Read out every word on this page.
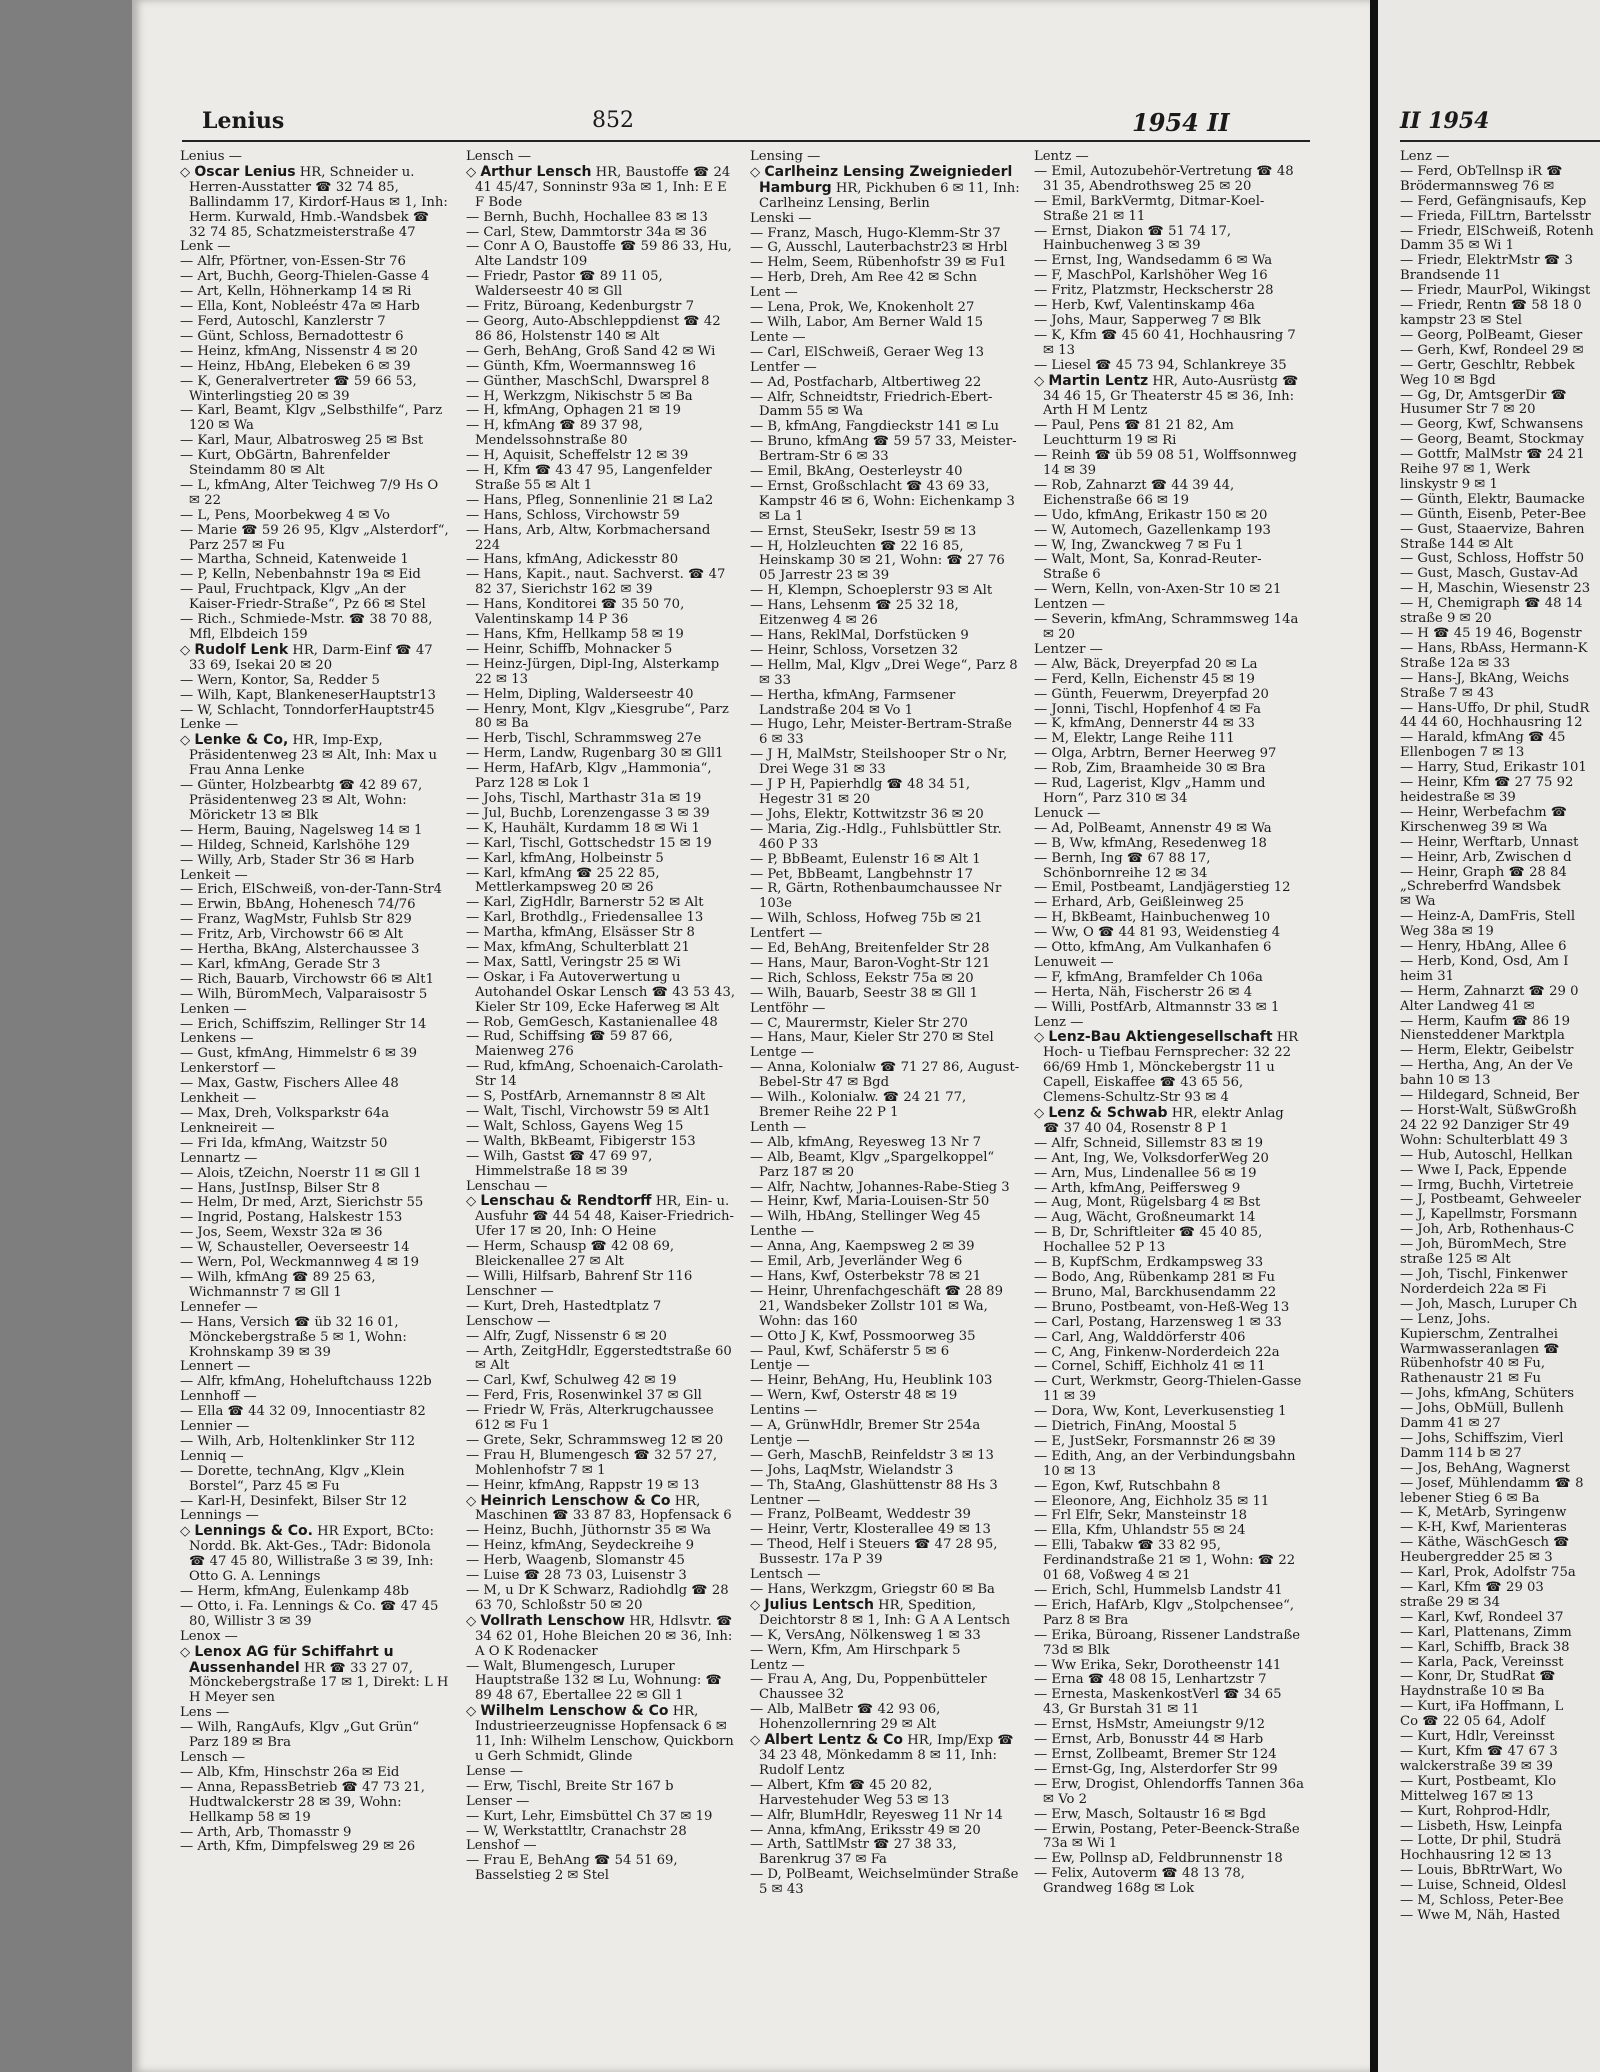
Lenius	852	1954 II	II 1954
Lenz —
— Ferd, ObTellnsp iR ☎
Brödermannsweg 76 ✉
— Ferd, Gefängnisaufs, Kep
— Frieda, FilLtrn, Bartelsstr
— Friedr, ElSchweiß, Rotenh
Damm 35 ✉ Wi 1
— Friedr, ElektrMstr ☎ 3
Brandsende 11
— Friedr, MaurPol, Wikingst
— Friedr, Rentn ☎ 58 18 0
kampstr 23 ✉ Stel
— Georg, PolBeamt, Gieser
— Gerh, Kwf, Rondeel 29 ✉
— Gertr, Geschltr, Rebbek
Weg 10 ✉ Bgd
— Gg, Dr, AmtsgerDir ☎
Husumer Str 7 ✉ 20
— Georg, Kwf, Schwansens
— Georg, Beamt, Stockmay
— Gottfr, MalMstr ☎ 24 21
Reihe 97 ✉ 1, Werk
linskystr 9 ✉ 1
— Günth, Elektr, Baumacke
— Günth, Eisenb, Peter-Bee
— Gust, Staaervize, Bahren
Straße 144 ✉ Alt
— Gust, Schloss, Hoffstr 50
— Gust, Masch, Gustav-Ad
— H, Maschin, Wiesenstr 23
— H, Chemigraph ☎ 48 14
straße 9 ✉ 20
— H ☎ 45 19 46, Bogenstr
— Hans, RbAss, Hermann-K
Straße 12a ✉ 33
— Hans-J, BkAng, Weichs
Straße 7 ✉ 43
— Hans-Uffo, Dr phil, StudR
44 44 60, Hochhausring 12
— Harald, kfmAng ☎ 45
Ellenbogen 7 ✉ 13
— Harry, Stud, Erikastr 101
— Heinr, Kfm ☎ 27 75 92
heidestraße ✉ 39
— Heinr, Werbefachm ☎
Kirschenweg 39 ✉ Wa
— Heinr, Werftarb, Unnast
— Heinr, Arb, Zwischen d
— Heinr, Graph ☎ 28 84
„Schreberfrd Wandsbek
✉ Wa
— Heinz-A, DamFris, Stell
Weg 38a ✉ 19
— Henry, HbAng, Allee 6
— Herb, Kond, Osd, Am I
heim 31
— Herm, Zahnarzt ☎ 29 0
Alter Landweg 41 ✉
— Herm, Kaufm ☎ 86 19
Niensteddener Marktpla
— Herm, Elektr, Geibelstr
— Hertha, Ang, An der Ve
bahn 10 ✉ 13
— Hildegard, Schneid, Ber
— Horst-Walt, SüßwGroßh
24 22 92 Danziger Str 49
Wohn: Schulterblatt 49 3
— Hub, Autoschl, Hellkan
— Wwe I, Pack, Eppende
— Irmg, Buchh, Virtetreie
— J, Postbeamt, Gehweeler
— J, Kapellmstr, Forsmann
— Joh, Arb, Rothenhaus-C
— Joh, BüromMech, Stre
straße 125 ✉ Alt
— Joh, Tischl, Finkenwer
Norderdeich 22a ✉ Fi
— Joh, Masch, Luruper Ch
— Lenz, Johs.
Kupierschm, Zentralhei
Warmwasseranlagen ☎
Rübenhofstr 40 ✉ Fu,
Rathenaustr 21 ✉ Fu
— Johs, kfmAng, Schüters
— Johs, ObMüll, Bullenh
Damm 41 ✉ 27
— Johs, Schiffszim, Vierl
Damm 114 b ✉ 27
— Jos, BehAng, Wagnerst
— Josef, Mühlendamm ☎ 8
lebener Stieg 6 ✉ Ba
— K, MetArb, Syringenw
— K-H, Kwf, Marienteras
— Käthe, WäschGesch ☎
Heubergredder 25 ✉ 3
— Karl, Prok, Adolfstr 75a
— Karl, Kfm ☎ 29 03
straße 29 ✉ 34
— Karl, Kwf, Rondeel 37
— Karl, Plattenans, Zimm
— Karl, Schiffb, Brack 38
— Karla, Pack, Vereinsst
— Konr, Dr, StudRat ☎
Haydnstraße 10 ✉ Ba
— Kurt, iFa Hoffmann, L
Co ☎ 22 05 64, Adolf
— Kurt, Hdlr, Vereinsst
— Kurt, Kfm ☎ 47 67 3
walckerstraße 39 ✉ 39
— Kurt, Postbeamt, Klo
Mittelweg 167 ✉ 13
— Kurt, Rohprod-Hdlr,
— Lisbeth, Hsw, Leinpfa
— Lotte, Dr phil, Studrä
Hochhausring 12 ✉ 13
— Louis, BbRtrWart, Wo
— Luise, Schneid, Oldesl
— M, Schloss, Peter-Bee
— Wwe M, Näh, Hasted

Lenius —

◇ Oscar Lenius HR, Schneider u. Herren-Ausstatter ☎ 32 74 85, Ballindamm 17, Kirdorf-Haus ✉ 1, Inh: Herm. Kurwald, Hmb.-Wandsbek ☎ 32 74 85, Schatzmeisterstraße 47

Lenk —

— Alfr, Pförtner, von-Essen-Str 76

— Art, Buchh, Georg-Thielen-Gasse 4

— Art, Kelln, Höhnerkamp 14 ✉ Ri

— Ella, Kont, Nobleéstr 47a ✉ Harb

— Ferd, Autoschl, Kanzlerstr 7

— Günt, Schloss, Bernadottestr 6

— Heinz, kfmAng, Nissenstr 4 ✉ 20

— Heinz, HbAng, Elebeken 6 ✉ 39

— K, Generalvertreter ☎ 59 66 53, Winterlingstieg 20 ✉ 39

— Karl, Beamt, Klgv „Selbsthilfe“, Parz 120 ✉ Wa

— Karl, Maur, Albatrosweg 25 ✉ Bst

— Kurt, ObGärtn, Bahrenfelder Steindamm 80 ✉ Alt

— L, kfmAng, Alter Teichweg 7/9 Hs O ✉ 22

— L, Pens, Moorbekweg 4 ✉ Vo

— Marie ☎ 59 26 95, Klgv „Alsterdorf“, Parz 257 ✉ Fu

— Martha, Schneid, Katenweide 1

— P, Kelln, Nebenbahnstr 19a ✉ Eid

— Paul, Fruchtpack, Klgv „An der Kaiser-Friedr-Straße“, Pz 66 ✉ Stel

— Rich., Schmiede-Mstr. ☎ 38 70 88, Mfl, Elbdeich 159

◇ Rudolf Lenk HR, Darm-Einf ☎ 47 33 69, Isekai 20 ✉ 20

— Wern, Kontor, Sa, Redder 5

— Wilh, Kapt, BlankeneserHauptstr13

— W, Schlacht, TonndorferHauptstr45

Lenke —

◇ Lenke & Co, HR, Imp-Exp, Präsidentenweg 23 ✉ Alt, Inh: Max u Frau Anna Lenke

— Günter, Holzbearbtg ☎ 42 89 67, Präsidentenweg 23 ✉ Alt, Wohn: Möricketr 13 ✉ Blk

— Herm, Bauing, Nagelsweg 14 ✉ 1

— Hildeg, Schneid, Karlshöhe 129

— Willy, Arb, Stader Str 36 ✉ Harb

Lenkeit —

— Erich, ElSchweiß, von-der-Tann-Str4

— Erwin, BbAng, Hohenesch 74/76

— Franz, WagMstr, Fuhlsb Str 829

— Fritz, Arb, Virchowstr 66 ✉ Alt

— Hertha, BkAng, Alsterchaussee 3

— Karl, kfmAng, Gerade Str 3

— Rich, Bauarb, Virchowstr 66 ✉ Alt1

— Wilh, BüromMech, Valparaisostr 5

Lenken —

— Erich, Schiffszim, Rellinger Str 14

Lenkens —

— Gust, kfmAng, Himmelstr 6 ✉ 39

Lenkerstorf —

— Max, Gastw, Fischers Allee 48

Lenkheit —

— Max, Dreh, Volksparkstr 64a

Lenkneireit —

— Fri Ida, kfmAng, Waitzstr 50

Lennartz —

— Alois, tZeichn, Noerstr 11 ✉ Gll 1

— Hans, JustInsp, Bilser Str 8

— Helm, Dr med, Arzt, Sierichstr 55

— Ingrid, Postang, Halskestr 153

— Jos, Seem, Wexstr 32a ✉ 36

— W, Schausteller, Oeverseestr 14

— Wern, Pol, Weckmannweg 4 ✉ 19

— Wilh, kfmAng ☎ 89 25 63, Wichmannstr 7 ✉ Gll 1

Lennefer —

— Hans, Versich ☎ üb 32 16 01, Mönckebergstraße 5 ✉ 1, Wohn: Krohnskamp 39 ✉ 39

Lennert —

— Alfr, kfmAng, Hoheluftchauss 122b

Lennhoff —

— Ella ☎ 44 32 09, Innocentiastr 82

Lennier —

— Wilh, Arb, Holtenklinker Str 112

Lenniq —

— Dorette, technAng, Klgv „Klein Borstel“, Parz 45 ✉ Fu

— Karl-H, Desinfekt, Bilser Str 12

Lennings —

◇ Lennings & Co. HR Export, BCto: Nordd. Bk. Akt-Ges., TAdr: Bidonola ☎ 47 45 80, Willistraße 3 ✉ 39, Inh: Otto G. A. Lennings

— Herm, kfmAng, Eulenkamp 48b

— Otto, i. Fa. Lennings & Co. ☎ 47 45 80, Willistr 3 ✉ 39

Lenox —

◇ Lenox AG für Schiffahrt u Aussenhandel HR ☎ 33 27 07, Mönckebergstraße 17 ✉ 1, Direkt: L H H Meyer sen

Lens —

— Wilh, RangAufs, Klgv „Gut Grün“ Parz 189 ✉ Bra

Lensch —

— Alb, Kfm, Hinschstr 26a ✉ Eid

— Anna, RepassBetrieb ☎ 47 73 21, Hudtwalckerstr 28 ✉ 39, Wohn: Hellkamp 58 ✉ 19

— Arth, Arb, Thomasstr 9

— Arth, Kfm, Dimpfelsweg 29 ✉ 26

Lensch —

◇ Arthur Lensch HR, Baustoffe ☎ 24 41 45/47, Sonninstr 93a ✉ 1, Inh: E E F Bode

— Bernh, Buchh, Hochallee 83 ✉ 13

— Carl, Stew, Dammtorstr 34a ✉ 36

— Conr A O, Baustoffe ☎ 59 86 33, Hu, Alte Landstr 109

— Friedr, Pastor ☎ 89 11 05, Walderseestr 40 ✉ Gll

— Fritz, Büroang, Kedenburgstr 7

— Georg, Auto-Abschleppdienst ☎ 42 86 86, Holstenstr 140 ✉ Alt

— Gerh, BehAng, Groß Sand 42 ✉ Wi

— Günth, Kfm, Woermannsweg 16

— Günther, MaschSchl, Dwarsprel 8

— H, Werkzgm, Nikischstr 5 ✉ Ba

— H, kfmAng, Ophagen 21 ✉ 19

— H, kfmAng ☎ 89 37 98, Mendelssohnstraße 80

— H, Aquisit, Scheffelstr 12 ✉ 39

— H, Kfm ☎ 43 47 95, Langenfelder Straße 55 ✉ Alt 1

— Hans, Pfleg, Sonnenlinie 21 ✉ La2

— Hans, Schloss, Virchowstr 59

— Hans, Arb, Altw, Korbmachersand 224

— Hans, kfmAng, Adickesstr 80

— Hans, Kapit., naut. Sachverst. ☎ 47 82 37, Sierichstr 162 ✉ 39

— Hans, Konditorei ☎ 35 50 70, Valentinskamp 14 P 36

— Hans, Kfm, Hellkamp 58 ✉ 19

— Heinr, Schiffb, Mohnacker 5

— Heinz-Jürgen, Dipl-Ing, Alsterkamp 22 ✉ 13

— Helm, Dipling, Walderseestr 40

— Henry, Mont, Klgv „Kiesgrube“, Parz 80 ✉ Ba

— Herb, Tischl, Schrammsweg 27e

— Herm, Landw, Rugenbarg 30 ✉ Gll1

— Herm, HafArb, Klgv „Hammonia“, Parz 128 ✉ Lok 1

— Johs, Tischl, Marthastr 31a ✉ 19

— Jul, Buchb, Lorenzengasse 3 ✉ 39

— K, Hauhält, Kurdamm 18 ✉ Wi 1

— Karl, Tischl, Gottschedstr 15 ✉ 19

— Karl, kfmAng, Holbeinstr 5

— Karl, kfmAng ☎ 25 22 85, Mettlerkampsweg 20 ✉ 26

— Karl, ZigHdlr, Barnerstr 52 ✉ Alt

— Karl, Brothdlg., Friedensallee 13

— Martha, kfmAng, Elsässer Str 8

— Max, kfmAng, Schulterblatt 21

— Max, Sattl, Veringstr 25 ✉ Wi

— Oskar, i Fa Autoverwertung u Autohandel Oskar Lensch ☎ 43 53 43, Kieler Str 109, Ecke Haferweg ✉ Alt

— Rob, GemGesch, Kastanienallee 48

— Rud, Schiffsing ☎ 59 87 66, Maienweg 276

— Rud, kfmAng, Schoenaich-Carolath-Str 14

— S, PostfArb, Arnemannstr 8 ✉ Alt

— Walt, Tischl, Virchowstr 59 ✉ Alt1

— Walt, Schloss, Gayens Weg 15

— Walth, BkBeamt, Fibigerstr 153

— Wilh, Gastst ☎ 47 69 97, Himmelstraße 18 ✉ 39

Lenschau —

◇ Lenschau & Rendtorff HR, Ein- u. Ausfuhr ☎ 44 54 48, Kaiser-Friedrich-Ufer 17 ✉ 20, Inh: O Heine

— Herm, Schausp ☎ 42 08 69, Bleickenallee 27 ✉ Alt

— Willi, Hilfsarb, Bahrenf Str 116

Lenschner —

— Kurt, Dreh, Hastedtplatz 7

Lenschow —

— Alfr, Zugf, Nissenstr 6 ✉ 20

— Arth, ZeitgHdlr, Eggerstedtstraße 60 ✉ Alt

— Carl, Kwf, Schulweg 42 ✉ 19

— Ferd, Fris, Rosenwinkel 37 ✉ Gll

— Friedr W, Fräs, Alterkrugchaussee 612 ✉ Fu 1

— Grete, Sekr, Schrammsweg 12 ✉ 20

— Frau H, Blumengesch ☎ 32 57 27, Mohlenhofstr 7 ✉ 1

— Heinr, kfmAng, Rappstr 19 ✉ 13

◇ Heinrich Lenschow & Co HR, Maschinen ☎ 33 87 83, Hopfensack 6

— Heinz, Buchh, Jüthornstr 35 ✉ Wa

— Heinz, kfmAng, Seydeckreihe 9

— Herb, Waagenb, Slomanstr 45

— Luise ☎ 28 73 03, Luisenstr 3

— M, u Dr K Schwarz, Radiohdlg ☎ 28 63 70, Schloßstr 50 ✉ 20

◇ Vollrath Lenschow HR, Hdlsvtr. ☎ 34 62 01, Hohe Bleichen 20 ✉ 36, Inh: A O K Rodenacker

— Walt, Blumengesch, Luruper Hauptstraße 132 ✉ Lu, Wohnung: ☎ 89 48 67, Ebertallee 22 ✉ Gll 1

◇ Wilhelm Lenschow & Co HR, Industrieerzeugnisse Hopfensack 6 ✉ 11, Inh: Wilhelm Lenschow, Quickborn u Gerh Schmidt, Glinde

Lense —

— Erw, Tischl, Breite Str 167 b

Lenser —

— Kurt, Lehr, Eimsbüttel Ch 37 ✉ 19

— W, Werkstattltr, Cranachstr 28

Lenshof —

— Frau E, BehAng ☎ 54 51 69, Basselstieg 2 ✉ Stel

Lensing —

◇ Carlheinz Lensing Zweigniederl Hamburg HR, Pickhuben 6 ✉ 11, Inh: Carlheinz Lensing, Berlin

Lenski —

— Franz, Masch, Hugo-Klemm-Str 37

— G, Ausschl, Lauterbachstr23 ✉ Hrbl

— Helm, Seem, Rübenhofstr 39 ✉ Fu1

— Herb, Dreh, Am Ree 42 ✉ Schn

Lent —

— Lena, Prok, We, Knokenholt 27

— Wilh, Labor, Am Berner Wald 15

Lente —

— Carl, ElSchweiß, Geraer Weg 13

Lentfer —

— Ad, Postfacharb, Altbertiweg 22

— Alfr, Schneidtstr, Friedrich-Ebert-Damm 55 ✉ Wa

— B, kfmAng, Fangdieckstr 141 ✉ Lu

— Bruno, kfmAng ☎ 59 57 33, Meister-Bertram-Str 6 ✉ 33

— Emil, BkAng, Oesterleystr 40

— Ernst, Großschlacht ☎ 43 69 33, Kampstr 46 ✉ 6, Wohn: Eichenkamp 3 ✉ La 1

— Ernst, SteuSekr, Isestr 59 ✉ 13

— H, Holzleuchten ☎ 22 16 85, Heinskamp 30 ✉ 21, Wohn: ☎ 27 76 05 Jarrestr 23 ✉ 39

— H, Klempn, Schoeplerstr 93 ✉ Alt

— Hans, Lehsenm ☎ 25 32 18, Eitzenweg 4 ✉ 26

— Hans, ReklMal, Dorfstücken 9

— Heinr, Schloss, Vorsetzen 32

— Hellm, Mal, Klgv „Drei Wege“, Parz 8 ✉ 33

— Hertha, kfmAng, Farmsener Landstraße 204 ✉ Vo 1

— Hugo, Lehr, Meister-Bertram-Straße 6 ✉ 33

— J H, MalMstr, Steilshooper Str o Nr, Drei Wege 31 ✉ 33

— J P H, Papierhdlg ☎ 48 34 51, Hegestr 31 ✉ 20

— Johs, Elektr, Kottwitzstr 36 ✉ 20

— Maria, Zig.-Hdlg., Fuhlsbüttler Str. 460 P 33

— P, BbBeamt, Eulenstr 16 ✉ Alt 1

— Pet, BbBeamt, Langbehnstr 17

— R, Gärtn, Rothenbaumchaussee Nr 103e

— Wilh, Schloss, Hofweg 75b ✉ 21

Lentfert —

— Ed, BehAng, Breitenfelder Str 28

— Hans, Maur, Baron-Voght-Str 121

— Rich, Schloss, Eekstr 75a ✉ 20

— Wilh, Bauarb, Seestr 38 ✉ Gll 1

Lentföhr —

— C, Maurermstr, Kieler Str 270

— Hans, Maur, Kieler Str 270 ✉ Stel

Lentge —

— Anna, Kolonialw ☎ 71 27 86, August-Bebel-Str 47 ✉ Bgd

— Wilh., Kolonialw. ☎ 24 21 77, Bremer Reihe 22 P 1

Lenth —

— Alb, kfmAng, Reyesweg 13 Nr 7

— Alb, Beamt, Klgv „Spargelkoppel“ Parz 187 ✉ 20

— Alfr, Nachtw, Johannes-Rabe-Stieg 3

— Heinr, Kwf, Maria-Louisen-Str 50

— Wilh, HbAng, Stellinger Weg 45

Lenthe —

— Anna, Ang, Kaempsweg 2 ✉ 39

— Emil, Arb, Jeverländer Weg 6

— Hans, Kwf, Osterbekstr 78 ✉ 21

— Heinr, Uhrenfachgeschäft ☎ 28 89 21, Wandsbeker Zollstr 101 ✉ Wa, Wohn: das 160

— Otto J K, Kwf, Possmoorweg 35

— Paul, Kwf, Schäferstr 5 ✉ 6

Lentje —

— Heinr, BehAng, Hu, Heublink 103

— Wern, Kwf, Osterstr 48 ✉ 19

Lentins —

— A, GrünwHdlr, Bremer Str 254a

Lentje —

— Gerh, MaschB, Reinfeldstr 3 ✉ 13

— Johs, LaqMstr, Wielandstr 3

— Th, StaAng, Glashüttenstr 88 Hs 3

Lentner —

— Franz, PolBeamt, Weddestr 39

— Heinr, Vertr, Klosterallee 49 ✉ 13

— Theod, Helf i Steuers ☎ 47 28 95, Bussestr. 17a P 39

Lentsch —

— Hans, Werkzgm, Griegstr 60 ✉ Ba

◇ Julius Lentsch HR, Spedition, Deichtorstr 8 ✉ 1, Inh: G A A Lentsch

— K, VersAng, Nölkensweg 1 ✉ 33

— Wern, Kfm, Am Hirschpark 5

Lentz —

— Frau A, Ang, Du, Poppenbütteler Chaussee 32

— Alb, MalBetr ☎ 42 93 06, Hohenzollernring 29 ✉ Alt

◇ Albert Lentz & Co HR, Imp/Exp ☎ 34 23 48, Mönkedamm 8 ✉ 11, Inh: Rudolf Lentz

— Albert, Kfm ☎ 45 20 82, Harvestehuder Weg 53 ✉ 13

— Alfr, BlumHdlr, Reyesweg 11 Nr 14

— Anna, kfmAng, Eriksstr 49 ✉ 20

— Arth, SattlMstr ☎ 27 38 33, Barenkrug 37 ✉ Fa

— D, PolBeamt, Weichselmünder Straße 5 ✉ 43

Lentz —

— Emil, Autozubehör-Vertretung ☎ 48 31 35, Abendrothsweg 25 ✉ 20

— Emil, BarkVermtg, Ditmar-Koel-Straße 21 ✉ 11

— Ernst, Diakon ☎ 51 74 17, Hainbuchenweg 3 ✉ 39

— Ernst, Ing, Wandsedamm 6 ✉ Wa

— F, MaschPol, Karlshöher Weg 16

— Fritz, Platzmstr, Heckscherstr 28

— Herb, Kwf, Valentinskamp 46a

— Johs, Maur, Sapperweg 7 ✉ Blk

— K, Kfm ☎ 45 60 41, Hochhausring 7 ✉ 13

— Liesel ☎ 45 73 94, Schlankreye 35

◇ Martin Lentz HR, Auto-Ausrüstg ☎ 34 46 15, Gr Theaterstr 45 ✉ 36, Inh: Arth H M Lentz

— Paul, Pens ☎ 81 21 82, Am Leuchtturm 19 ✉ Ri

— Reinh ☎ üb 59 08 51, Wolffsonnweg 14 ✉ 39

— Rob, Zahnarzt ☎ 44 39 44, Eichenstraße 66 ✉ 19

— Udo, kfmAng, Erikastr 150 ✉ 20

— W, Automech, Gazellenkamp 193

— W, Ing, Zwanckweg 7 ✉ Fu 1

— Walt, Mont, Sa, Konrad-Reuter-Straße 6

— Wern, Kelln, von-Axen-Str 10 ✉ 21

Lentzen —

— Severin, kfmAng, Schrammsweg 14a ✉ 20

Lentzer —

— Alw, Bäck, Dreyerpfad 20 ✉ La

— Ferd, Kelln, Eichenstr 45 ✉ 19

— Günth, Feuerwm, Dreyerpfad 20

— Jonni, Tischl, Hopfenhof 4 ✉ Fa

— K, kfmAng, Dennerstr 44 ✉ 33

— M, Elektr, Lange Reihe 111

— Olga, Arbtrn, Berner Heerweg 97

— Rob, Zim, Braamheide 30 ✉ Bra

— Rud, Lagerist, Klgv „Hamm und Horn“, Parz 310 ✉ 34

Lenuck —

— Ad, PolBeamt, Annenstr 49 ✉ Wa

— B, Ww, kfmAng, Resedenweg 18

— Bernh, Ing ☎ 67 88 17, Schönbornreihe 12 ✉ 34

— Emil, Postbeamt, Landjägerstieg 12

— Erhard, Arb, Geißleinweg 25

— H, BkBeamt, Hainbuchenweg 10

— Ww, O ☎ 44 81 93, Weidenstieg 4

— Otto, kfmAng, Am Vulkanhafen 6

Lenuweit —

— F, kfmAng, Bramfelder Ch 106a

— Herta, Näh, Fischerstr 26 ✉ 4

— Willi, PostfArb, Altmannstr 33 ✉ 1

Lenz —

◇ Lenz-Bau Aktiengesellschaft HR Hoch- u Tiefbau Fernsprecher: 32 22 66/69 Hmb 1, Mönckebergstr 11 u Capell, Eiskaffee ☎ 43 65 56, Clemens-Schultz-Str 93 ✉ 4

◇ Lenz & Schwab HR, elektr Anlag ☎ 37 40 04, Rosenstr 8 P 1

— Alfr, Schneid, Sillemstr 83 ✉ 19

— Ant, Ing, We, VolksdorferWeg 20

— Arn, Mus, Lindenallee 56 ✉ 19

— Arth, kfmAng, Peiffersweg 9

— Aug, Mont, Rügelsbarg 4 ✉ Bst

— Aug, Wächt, Großneumarkt 14

— B, Dr, Schriftleiter ☎ 45 40 85, Hochallee 52 P 13

— B, KupfSchm, Erdkampsweg 33

— Bodo, Ang, Rübenkamp 281 ✉ Fu

— Bruno, Mal, Barckhusendamm 22

— Bruno, Postbeamt, von-Heß-Weg 13

— Carl, Postang, Harzensweg 1 ✉ 33

— Carl, Ang, Walddörferstr 406

— C, Ang, Finkenw-Norderdeich 22a

— Cornel, Schiff, Eichholz 41 ✉ 11

— Curt, Werkmstr, Georg-Thielen-Gasse 11 ✉ 39

— Dora, Ww, Kont, Leverkusenstieg 1

— Dietrich, FinAng, Moostal 5

— E, JustSekr, Forsmannstr 26 ✉ 39

— Edith, Ang, an der Verbindungsbahn 10 ✉ 13

— Egon, Kwf, Rutschbahn 8

— Eleonore, Ang, Eichholz 35 ✉ 11

— Frl Elfr, Sekr, Mansteinstr 18

— Ella, Kfm, Uhlandstr 55 ✉ 24

— Elli, Tabakw ☎ 33 82 95, Ferdinandstraße 21 ✉ 1, Wohn: ☎ 22 01 68, Voßweg 4 ✉ 21

— Erich, Schl, Hummelsb Landstr 41

— Erich, HafArb, Klgv „Stolpchensee“, Parz 8 ✉ Bra

— Erika, Büroang, Rissener Landstraße 73d ✉ Blk

— Ww Erika, Sekr, Dorotheenstr 141

— Erna ☎ 48 08 15, Lenhartzstr 7

— Ernesta, MaskenkostVerl ☎ 34 65 43, Gr Burstah 31 ✉ 11

— Ernst, HsMstr, Ameiungstr 9/12

— Ernst, Arb, Bonusstr 44 ✉ Harb

— Ernst, Zollbeamt, Bremer Str 124

— Ernst-Gg, Ing, Alsterdorfer Str 99

— Erw, Drogist, Ohlendorffs Tannen 36a ✉ Vo 2

— Erw, Masch, Soltaustr 16 ✉ Bgd

— Erwin, Postang, Peter-Beenck-Straße 73a ✉ Wi 1

— Ew, Pollnsp aD, Feldbrunnenstr 18

— Felix, Autoverm ☎ 48 13 78, Grandweg 168g ✉ Lok
